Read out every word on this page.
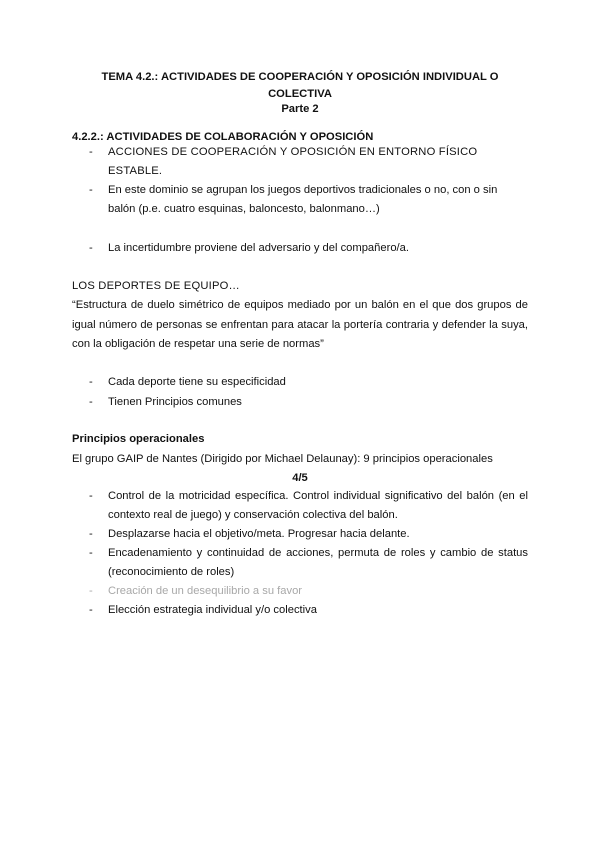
TEMA 4.2.: ACTIVIDADES DE COOPERACIÓN Y OPOSICIÓN INDIVIDUAL O
COLECTIVA
Parte 2
4.2.2.: ACTIVIDADES DE COLABORACIÓN Y OPOSICIÓN
- ACCIONES DE COOPERACIÓN Y OPOSICIÓN EN ENTORNO FÍSICO ESTABLE.
- En este dominio se agrupan los juegos deportivos tradicionales o no, con o sin balón (p.e. cuatro esquinas, baloncesto, balonmano…)
- La incertidumbre proviene del adversario y del compañero/a.
LOS DEPORTES DE EQUIPO…
“Estructura de duelo simétrico de equipos mediado por un balón en el que dos grupos de igual número de personas se enfrentan para atacar la portería contraria y defender la suya, con la obligación de respetar una serie de normas”
- Cada deporte tiene su especificidad
- Tienen Principios comunes
Principios operacionales
El grupo GAIP de Nantes (Dirigido por Michael Delaunay): 9 principios operacionales
4/5
- Control de la motricidad específica. Control individual significativo del balón (en el contexto real de juego) y conservación colectiva del balón.
- Desplazarse hacia el objetivo/meta. Progresar hacia delante.
- Encadenamiento y continuidad de acciones, permuta de roles y cambio de status (reconocimiento de roles)
- Creación de un desequilibrio a su favor
- Elección estrategia individual y/o colectiva
